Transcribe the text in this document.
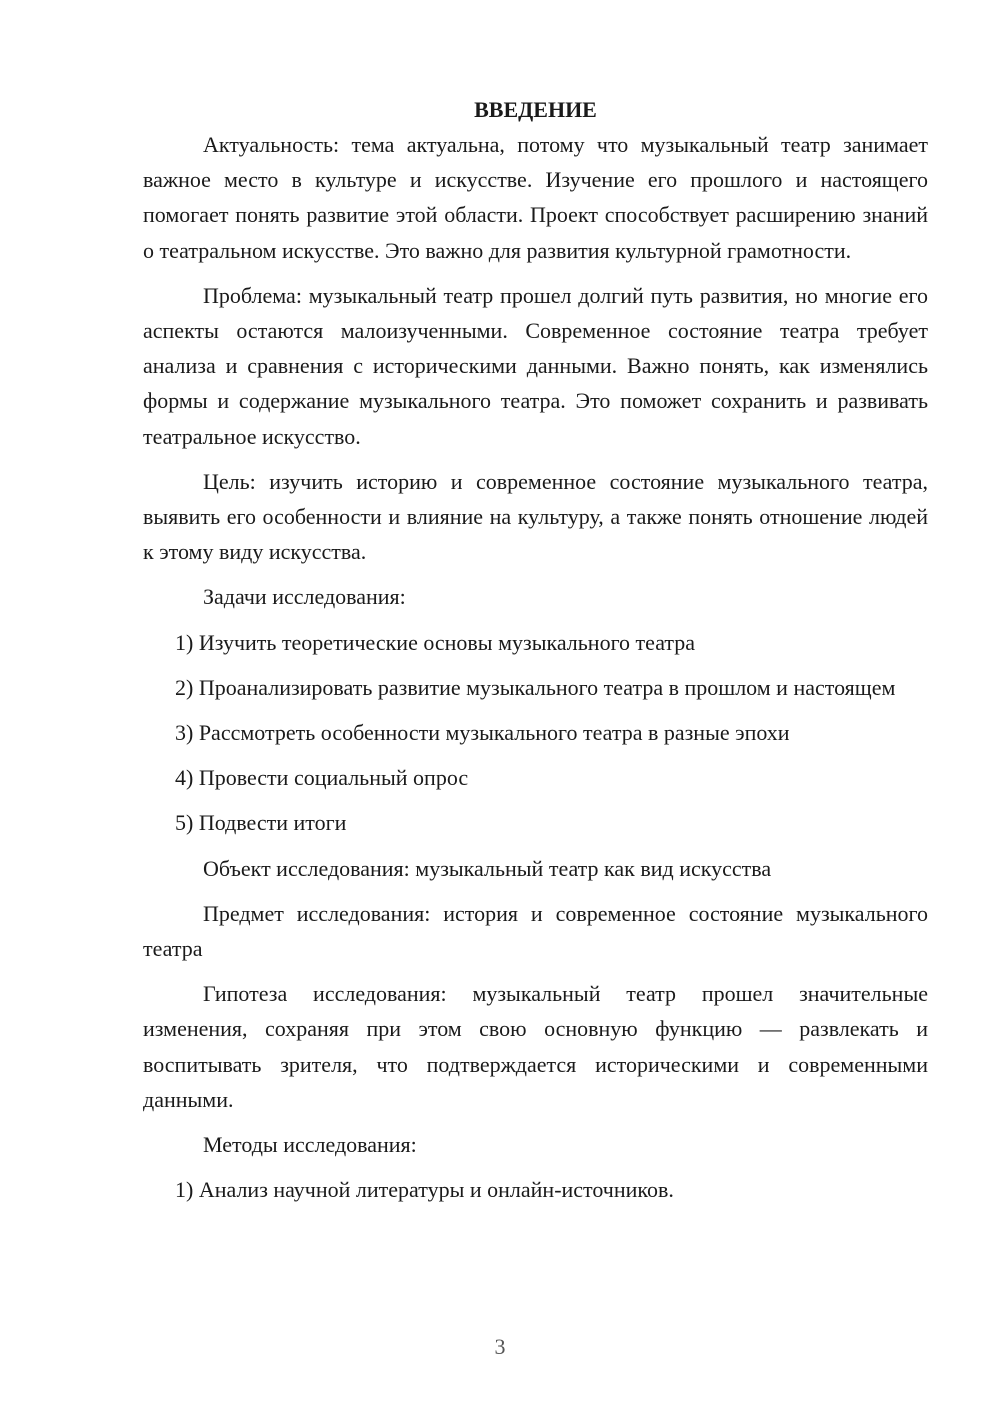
ВВЕДЕНИЕ

Актуальность: тема актуальна, потому что музыкальный театр занимает важное место в культуре и искусстве. Изучение его прошлого и настоящего помогает понять развитие этой области. Проект способствует расширению знаний о театральном искусстве. Это важно для развития культурной грамотности.

Проблема: музыкальный театр прошел долгий путь развития, но многие его аспекты остаются малоизученными. Современное состояние театра требует анализа и сравнения с историческими данными. Важно понять, как изменялись формы и содержание музыкального театра. Это поможет сохранить и развивать театральное искусство.

Цель: изучить историю и современное состояние музыкального театра, выявить его особенности и влияние на культуру, а также понять отношение людей к этому виду искусства.

Задачи исследования:

1) Изучить теоретические основы музыкального театра

2) Проанализировать развитие музыкального театра в прошлом и настоящем

3) Рассмотреть особенности музыкального театра в разные эпохи

4) Провести социальный опрос

5) Подвести итоги

Объект исследования: музыкальный театр как вид искусства

Предмет исследования: история и современное состояние музыкального театра

Гипотеза исследования: музыкальный театр прошел значительные изменения, сохраняя при этом свою основную функцию — развлекать и воспитывать зрителя, что подтверждается историческими и современными данными.

Методы исследования:

1) Анализ научной литературы и онлайн-источников.

3
